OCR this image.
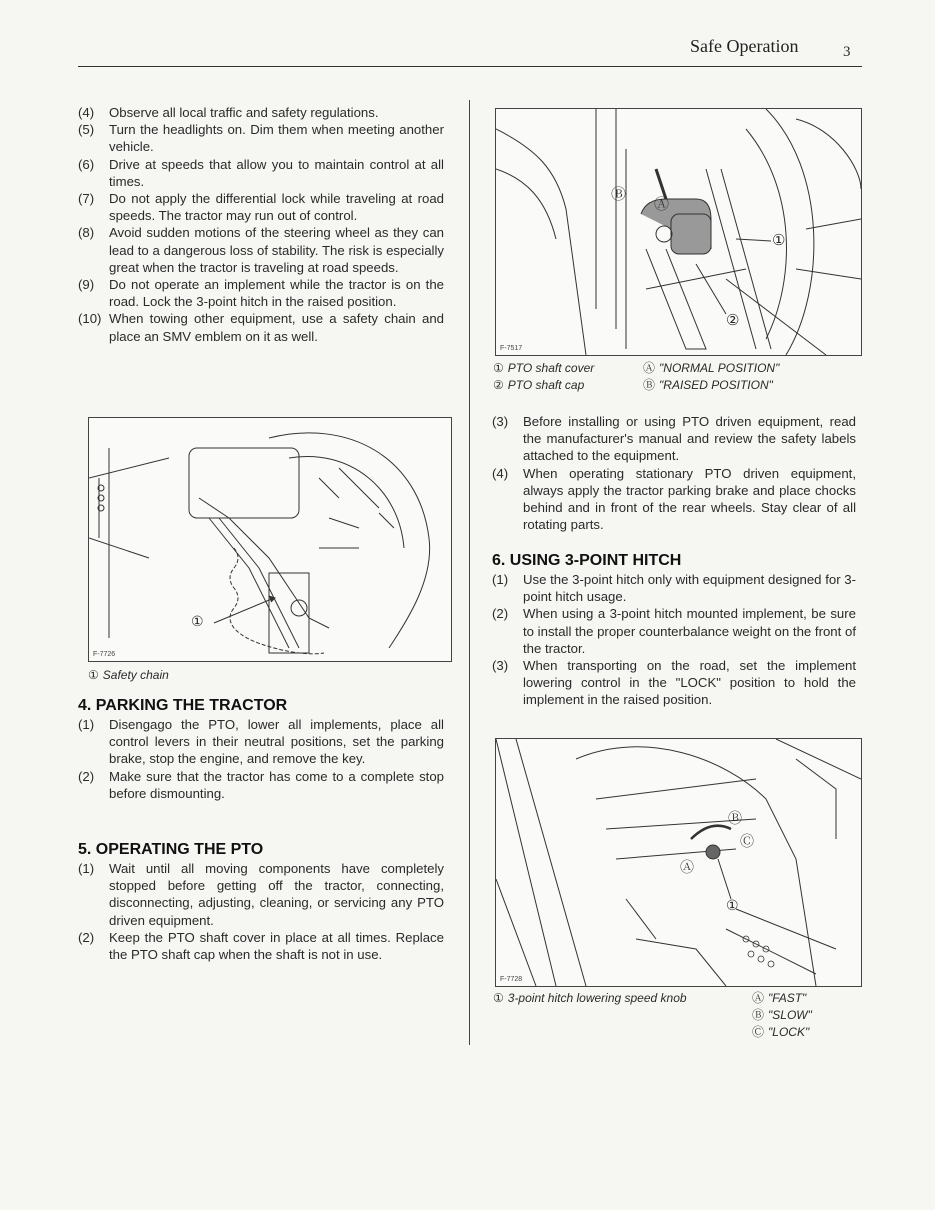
Safe Operation	3
(4)	Observe all local traffic and safety regulations.
(5)	Turn the headlights on. Dim them when meeting another vehicle.
(6)	Drive at speeds that allow you to maintain control at all times.
(7)	Do not apply the differential lock while traveling at road speeds. The tractor may run out of control.
(8)	Avoid sudden motions of the steering wheel as they can lead to a dangerous loss of stability. The risk is especially great when the tractor is traveling at road speeds.
(9)	Do not operate an implement while the tractor is on the road. Lock the 3-point hitch in the raised position.
(10) When towing other equipment, use a safety chain and place an SMV emblem on it as well.
①
F-7726
① Safety chain
4. PARKING THE TRACTOR
(1)	Disengago the PTO, lower all implements, place all control levers in their neutral positions, set the parking brake, stop the engine, and remove the key.
(2)	Make sure that the tractor has come to a complete stop before dismounting.
5. OPERATING THE PTO
(1)	Wait until all moving components have completely stopped before getting off the tractor, connecting, disconnecting, adjusting, cleaning, or servicing any PTO driven equipment.
(2)	Keep the PTO shaft cover in place at all times. Replace the PTO shaft cap when the shaft is not in use.
Ⓑ
Ⓐ
①
②
F-7517
① PTO shaft cover
② PTO shaft cap
Ⓐ "NORMAL POSITION"
Ⓑ "RAISED POSITION"
(3)	Before installing or using PTO driven equipment, read the manufacturer's manual and review the safety labels attached to the equipment.
(4)	When operating stationary PTO driven equipment, always apply the tractor parking brake and place chocks behind and in front of the rear wheels. Stay clear of all rotating parts.
6. USING 3-POINT HITCH
(1)	Use the 3-point hitch only with equipment designed for 3-point hitch usage.
(2)	When using a 3-point hitch mounted implement, be sure to install the proper counterbalance weight on the front of the tractor.
(3)	When transporting on the road, set the implement lowering control in the "LOCK" position to hold the implement in the raised position.
Ⓑ
Ⓒ
Ⓐ
①
F-7728
① 3-point hitch lowering speed knob	Ⓐ "FAST"
Ⓑ "SLOW"
Ⓒ "LOCK"
